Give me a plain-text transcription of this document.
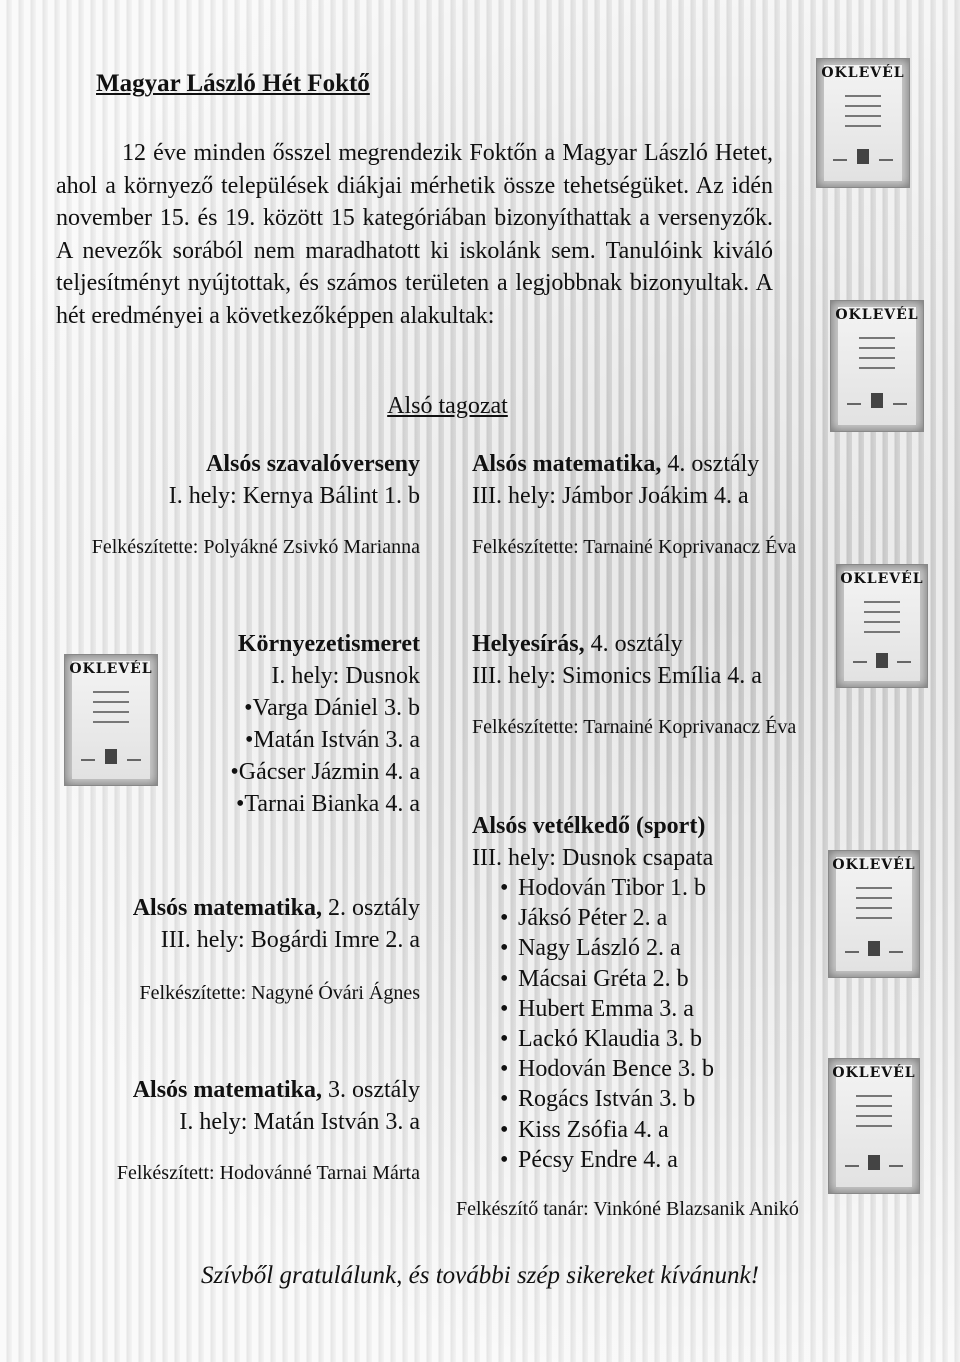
OKLEVÉL
OKLEVÉL
OKLEVÉL
OKLEVÉL
OKLEVÉL
OKLEVÉL
Magyar László Hét Foktő

12 éve minden ősszel megrendezik Foktőn a Magyar László Hetet, ahol a környező települések diákjai mérhetik össze tehetségüket. Az idén november 15. és 19. között 15 kategóriában bizonyíthattak a versenyzők. A nevezők sorából nem maradhatott ki iskolánk sem. Tanulóink kiváló teljesítményt nyújtottak, és számos területen a legjobbnak bizonyultak. A hét eredményei a következőképpen alakultak:

Alsó tagozat
Alsós szavalóverseny
I. hely: Kernya Bálint 1. b
Felkészítette: Polyákné Zsivkó Marianna
Alsós matematika, 4. osztály
III. hely: Jámbor Joákim 4. a
Felkészítette: Tarnainé Koprivanacz Éva
Környezetismeret
I. hely: Dusnok
• Varga Dániel 3. b
• Matán István 3. a
• Gácser Jázmin 4. a
• Tarnai Bianka 4. a
Helyesírás, 4. osztály
III. hely: Simonics Emília 4. a
Felkészítette: Tarnainé Koprivanacz Éva
Alsós matematika, 2. osztály
III. hely: Bogárdi Imre 2. a
Felkészítette: Nagyné Óvári Ágnes
Alsós matematika, 3. osztály
I. hely: Matán István 3. a
Felkészített: Hodovánné Tarnai Márta
Alsós vetélkedő (sport)
III. hely: Dusnok csapata
• Hodován Tibor 1. b
• Jáksó Péter 2. a
• Nagy László 2. a
• Mácsai Gréta 2. b
• Hubert Emma 3. a
• Lackó Klaudia 3. b
• Hodován Bence 3. b
• Rogács István 3. b
• Kiss Zsófia 4. a
• Pécsy Endre 4. a
Felkészítő tanár: Vinkóné Blazsanik Anikó
Szívből gratulálunk, és további szép sikereket kívánunk!
